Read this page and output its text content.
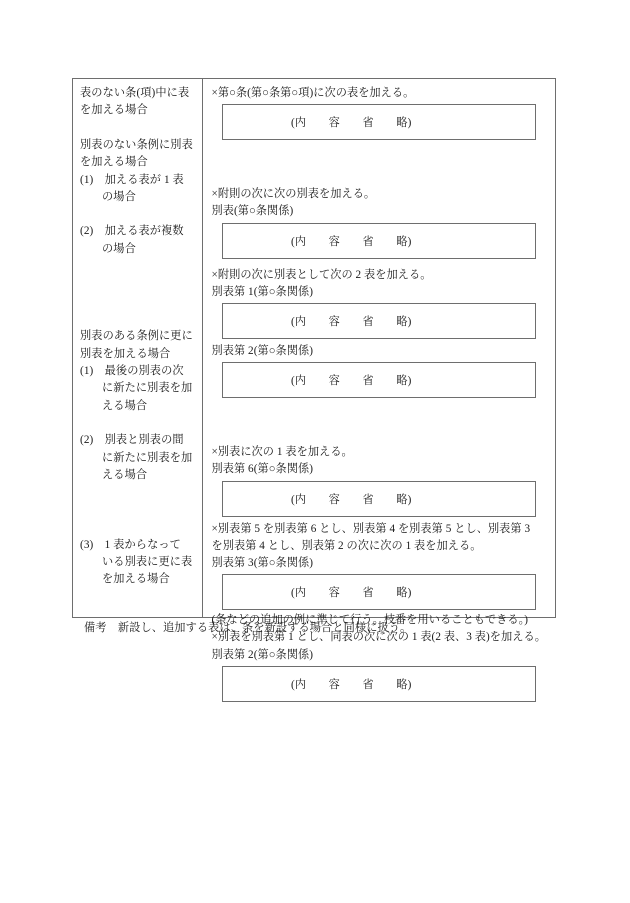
表のない条(項)中に表
を加える場合
別表のない条例に別表
を加える場合
(1)　加える表が 1 表
の場合
(2)　加える表が複数
の場合
別表のある条例に更に
別表を加える場合
(1)　最後の別表の次
に新たに別表を加
える場合
(2)　別表と別表の間
に新たに別表を加
える場合
(3)　1 表からなって
いる別表に更に表
を加える場合
×第○条(第○条第○項)に次の表を加える。
(内　　容　　省　　略)
×附則の次に次の別表を加える。
別表(第○条関係)
(内　　容　　省　　略)
×附則の次に別表として次の 2 表を加える。
別表第 1(第○条関係)
(内　　容　　省　　略)
別表第 2(第○条関係)
(内　　容　　省　　略)
×別表に次の 1 表を加える。
別表第 6(第○条関係)
(内　　容　　省　　略)
×別表第 5 を別表第 6 とし、別表第 4 を別表第 5 とし、別表第 3
を別表第 4 とし、別表第 2 の次に次の 1 表を加える。
別表第 3(第○条関係)
(内　　容　　省　　略)
(条などの追加の例に準じて行う。枝番を用いることもできる。)
×別表を別表第 1 とし、同表の次に次の 1 表(2 表、3 表)を加える。
別表第 2(第○条関係)
(内　　容　　省　　略)
備考　新設し、追加する表は、条を新設する場合と同様に扱う。
